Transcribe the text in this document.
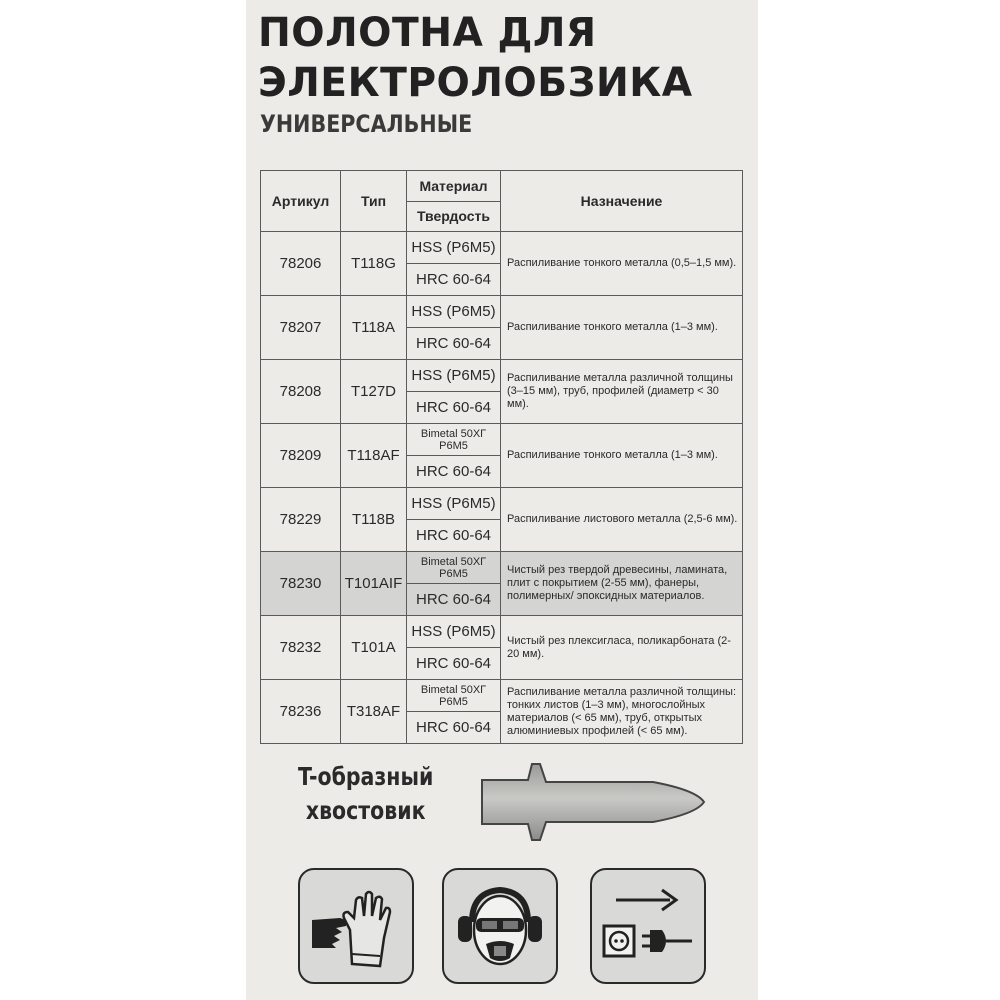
ПОЛОТНА ДЛЯ
ЭЛЕКТРОЛОБЗИКА
УНИВЕРСАЛЬНЫЕ
Артикул	Тип	Материал	Назначение
		Твердость	
78206	T118G	HSS (P6M5)	Распиливание тонкого металла (0,5–1,5 мм).
		HRC 60-64	
78207	T118A	HSS (P6M5)	Распиливание тонкого металла (1–3 мм).
		HRC 60-64	
78208	T127D	HSS (P6M5)	Распиливание металла различной толщины (3–15 мм), труб, профилей (диаметр < 30 мм).
		HRC 60-64	
78209	T118AF	Bimetal 50ХГ P6M5	Распиливание тонкого металла (1–3 мм).
		HRC 60-64	
78229	T118B	HSS (P6M5)	Распиливание листового металла (2,5-6 мм).
		HRC 60-64	
78230	T101AIF	Bimetal 50ХГ P6M5	Чистый рез твердой древесины, ламината, плит с покрытием (2-55 мм), фанеры, полимерных/ эпоксидных материалов.
		HRC 60-64	
78232	T101A	HSS (P6M5)	Чистый рез плексигласа, поликарбоната (2-20 мм).
		HRC 60-64	
78236	T318AF	Bimetal 50ХГ P6M5	Распиливание металла различной толщины: тонких листов (1–3 мм), многослойных материалов (< 65 мм), труб, открытых алюминиевых профилей (< 65 мм).
		HRC 60-64	
T-образный
хвостовик
